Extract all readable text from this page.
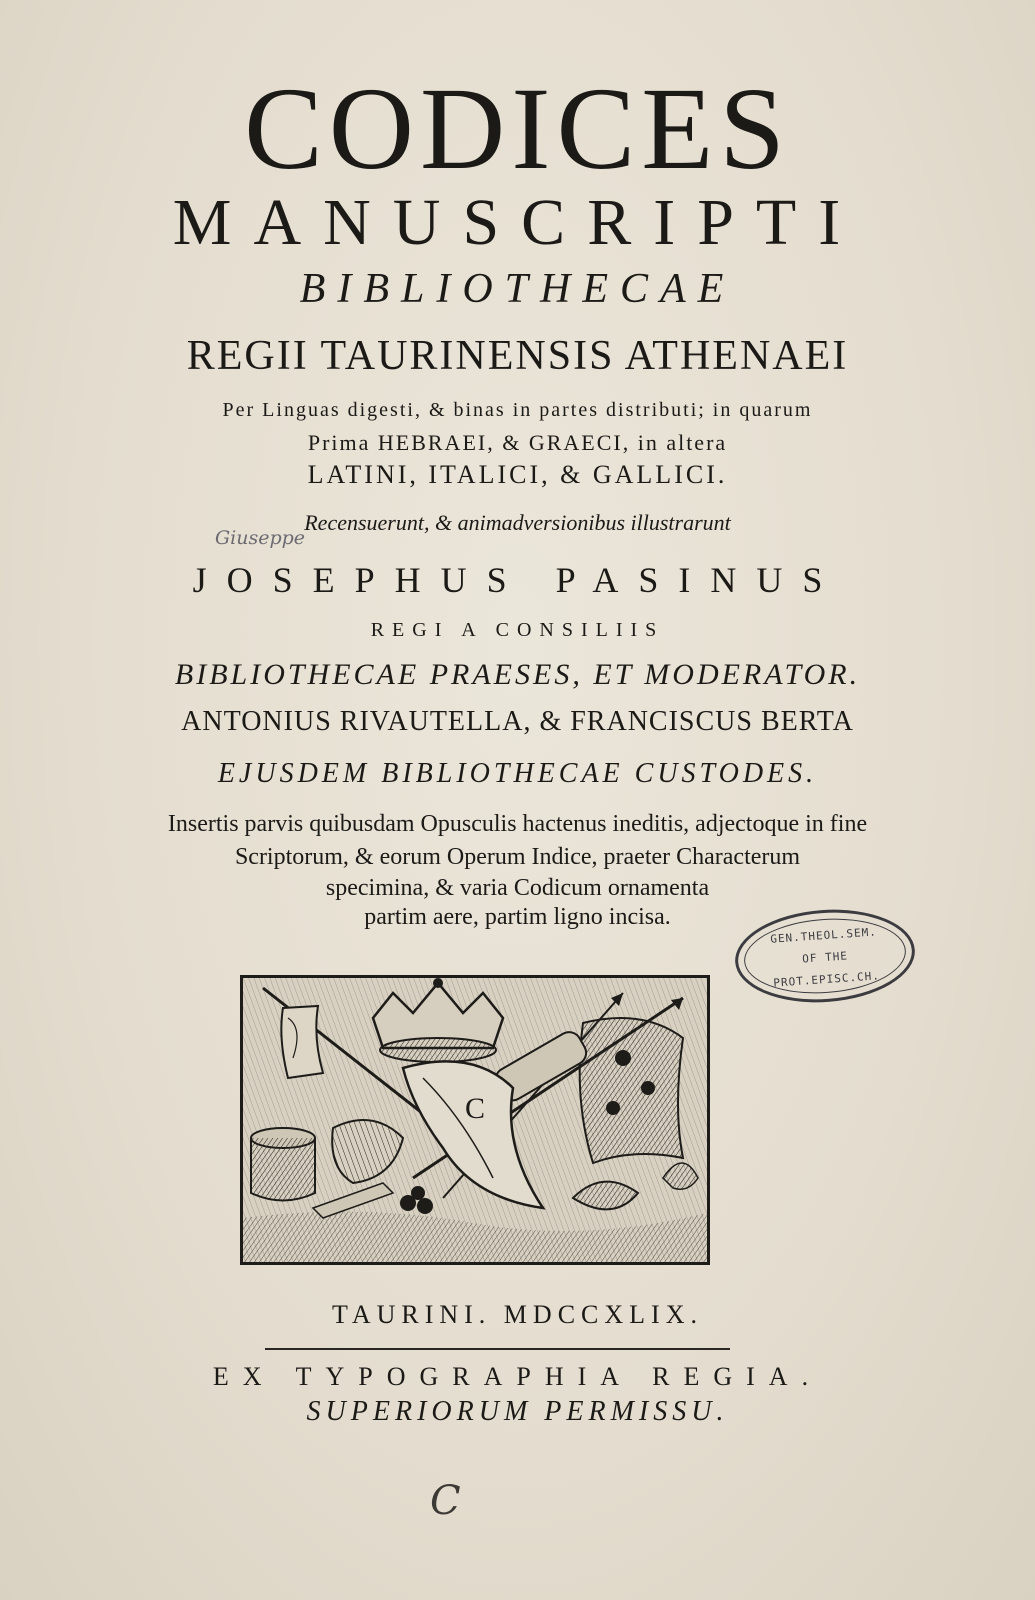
CODICES
MANUSCRIPTI
BIBLIOTHECAE
REGII TAURINENSIS ATHENAEI
Per Linguas digesti, & binas in partes distributi; in quarum
Prima HEBRAEI, & GRAECI, in altera
LATINI, ITALICI, & GALLICI.
Recensuerunt, & animadversionibus illustrarunt
Giuseppe
JOSEPHUS PASINUS
REGI A CONSILIIS
BIBLIOTHECAE PRAESES, ET MODERATOR.
ANTONIUS RIVAUTELLA, & FRANCISCUS BERTA
EJUSDEM BIBLIOTHECAE CUSTODES.
Insertis parvis quibusdam Opusculis hactenus ineditis, adjectoque in fine
Scriptorum, & eorum Operum Indice, praeter Characterum
specimina, & varia Codicum ornamenta
partim aere, partim ligno incisa.
GEN.THEOL.SEM.
OF THE
PROT.EPISC.CH.
C
TAURINI. MDCCXLIX.
EX TYPOGRAPHIA REGIA.
SUPERIORUM PERMISSU.
C
